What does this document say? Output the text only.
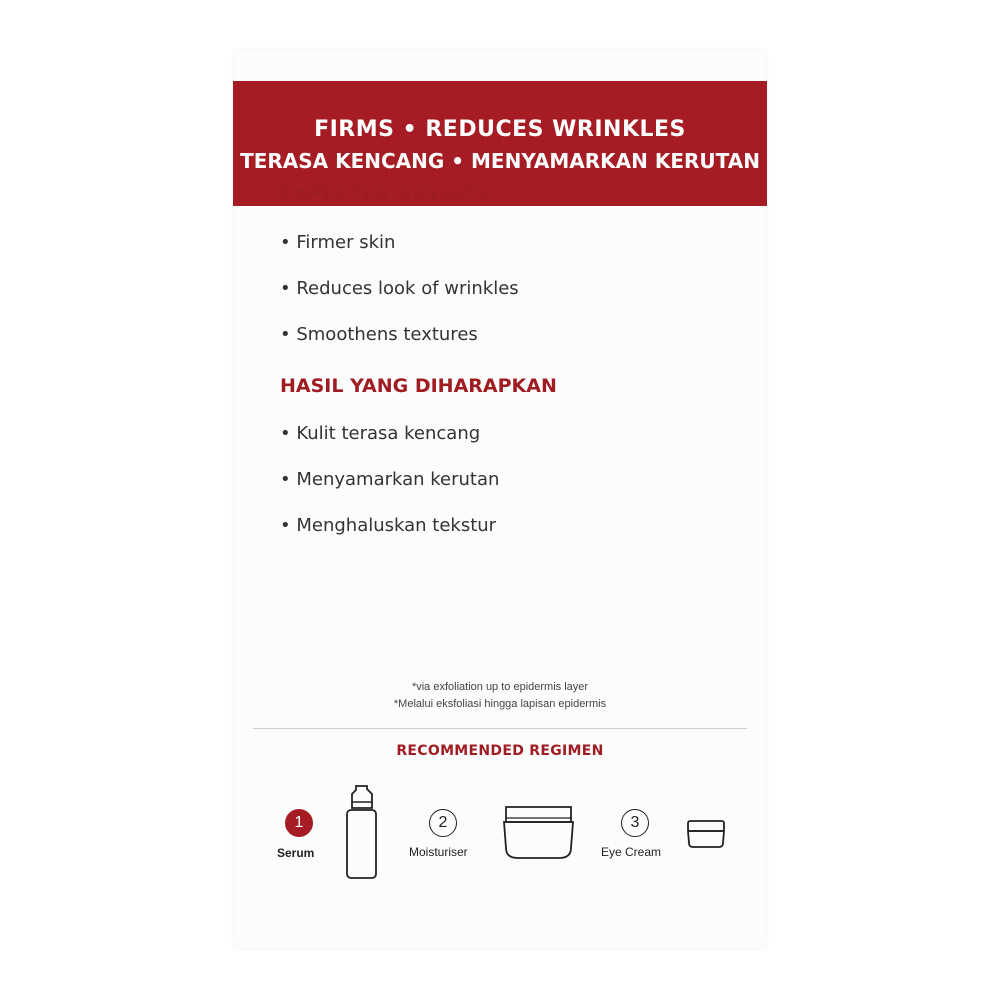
FIRMS • REDUCES WRINKLES
TERASA KENCANG • MENYAMARKAN KERUTAN
EXPECTED RESULTS
• Firmer skin
• Reduces look of wrinkles
• Smoothens textures
HASIL YANG DIHARAPKAN
• Kulit terasa kencang
• Menyamarkan kerutan
• Menghaluskan tekstur
*via exfoliation up to epidermis layer
*Melalui eksfoliasi hingga lapisan epidermis
RECOMMENDED REGIMEN
1
Serum
2
Moisturiser
3
Eye Cream
